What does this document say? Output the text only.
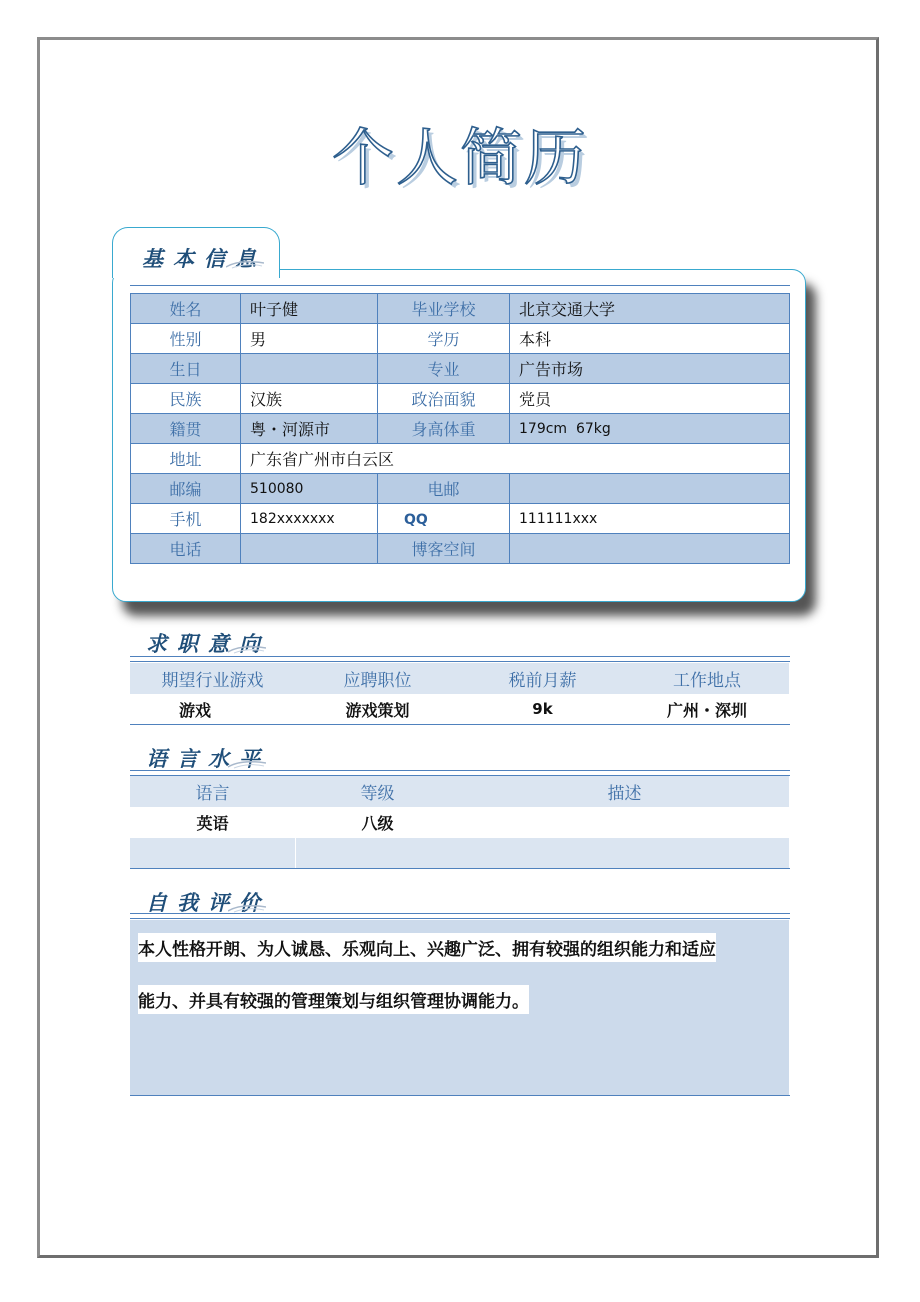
个人简历
基本信息
姓名	叶子健	毕业学校	北京交通大学
性别	男	学历	本科
生日		专业	广告市场
民族	汉族	政治面貌	党员
籍贯	粤・河源市	身高体重	179cm  67kg
地址	广东省广州市白云区		
邮编	510080	电邮	
手机	182xxxxxxx	QQ	111111xxx
电话		博客空间	
求职意向
期望行业游戏	应聘职位	税前月薪	工作地点
游戏	游戏策划	9k	广州・深圳
语言水平
语言	等级	描述
英语	八级
自我评价
本人性格开朗、为人诚恳、乐观向上、兴趣广泛、拥有较强的组织能力和适应
能力、并具有较强的管理策划与组织管理协调能力。
